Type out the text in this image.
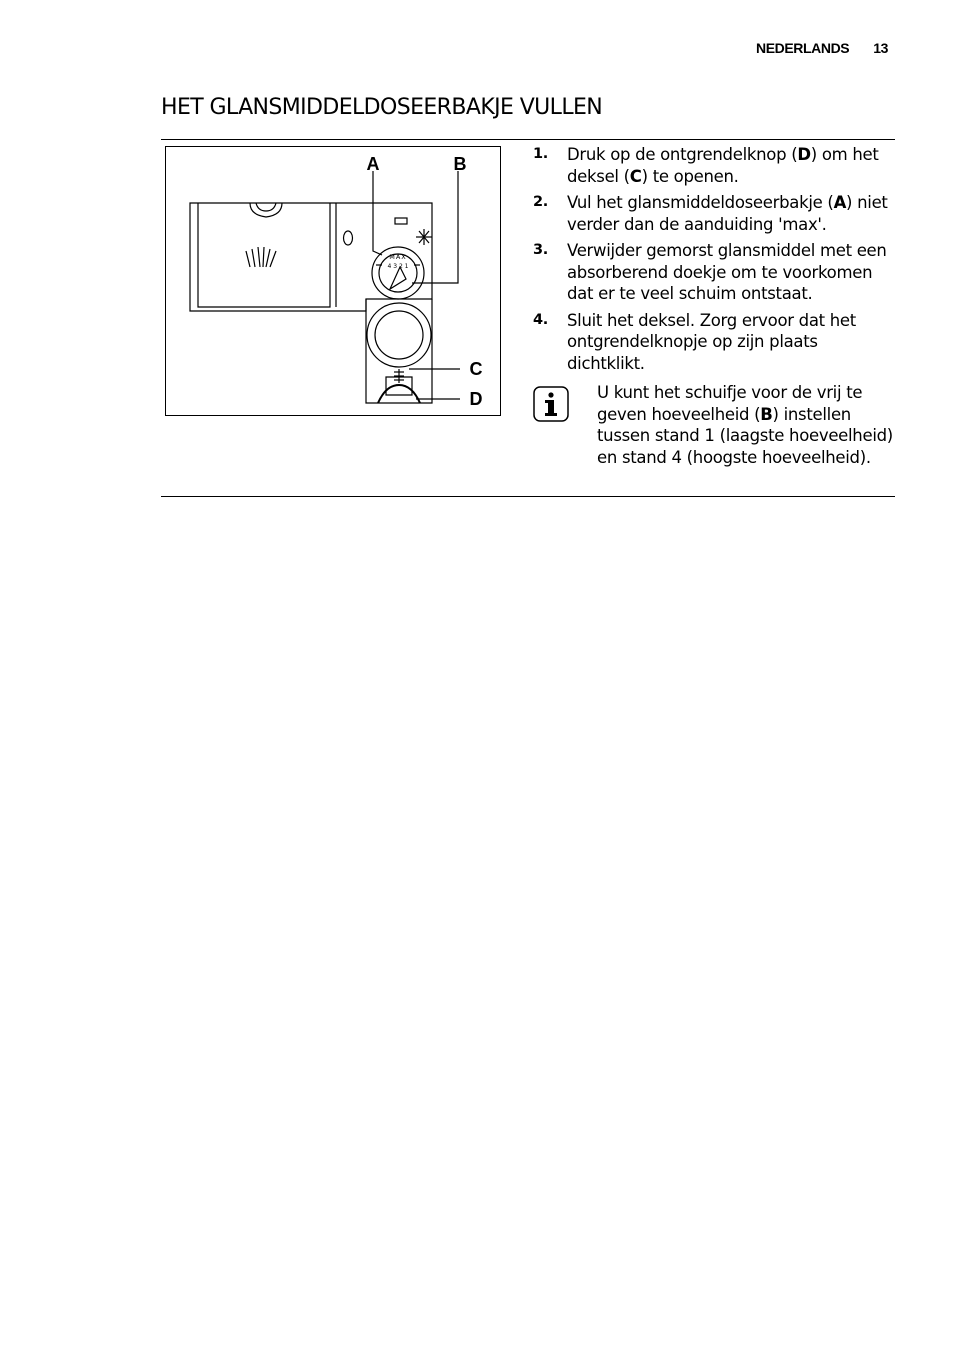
NEDERLANDS 13
HET GLANSMIDDELDOSEERBAKJE VULLEN
MAX
4 3 2 1
A	B
C
D
1. Druk op de ontgrendelknop (D) om het deksel (C) te openen.
2. Vul het glansmiddeldoseerbakje (A) niet verder dan de aanduiding 'max'.
3. Verwijder gemorst glansmiddel met een absorberend doekje om te voorkomen dat er te veel schuim ontstaat.
4. Sluit het deksel. Zorg ervoor dat het ontgrendelknopje op zijn plaats dichtklikt.
U kunt het schuifje voor de vrij te geven hoeveelheid (B) instellen tussen stand 1 (laagste hoeveelheid) en stand 4 (hoogste hoeveelheid).
